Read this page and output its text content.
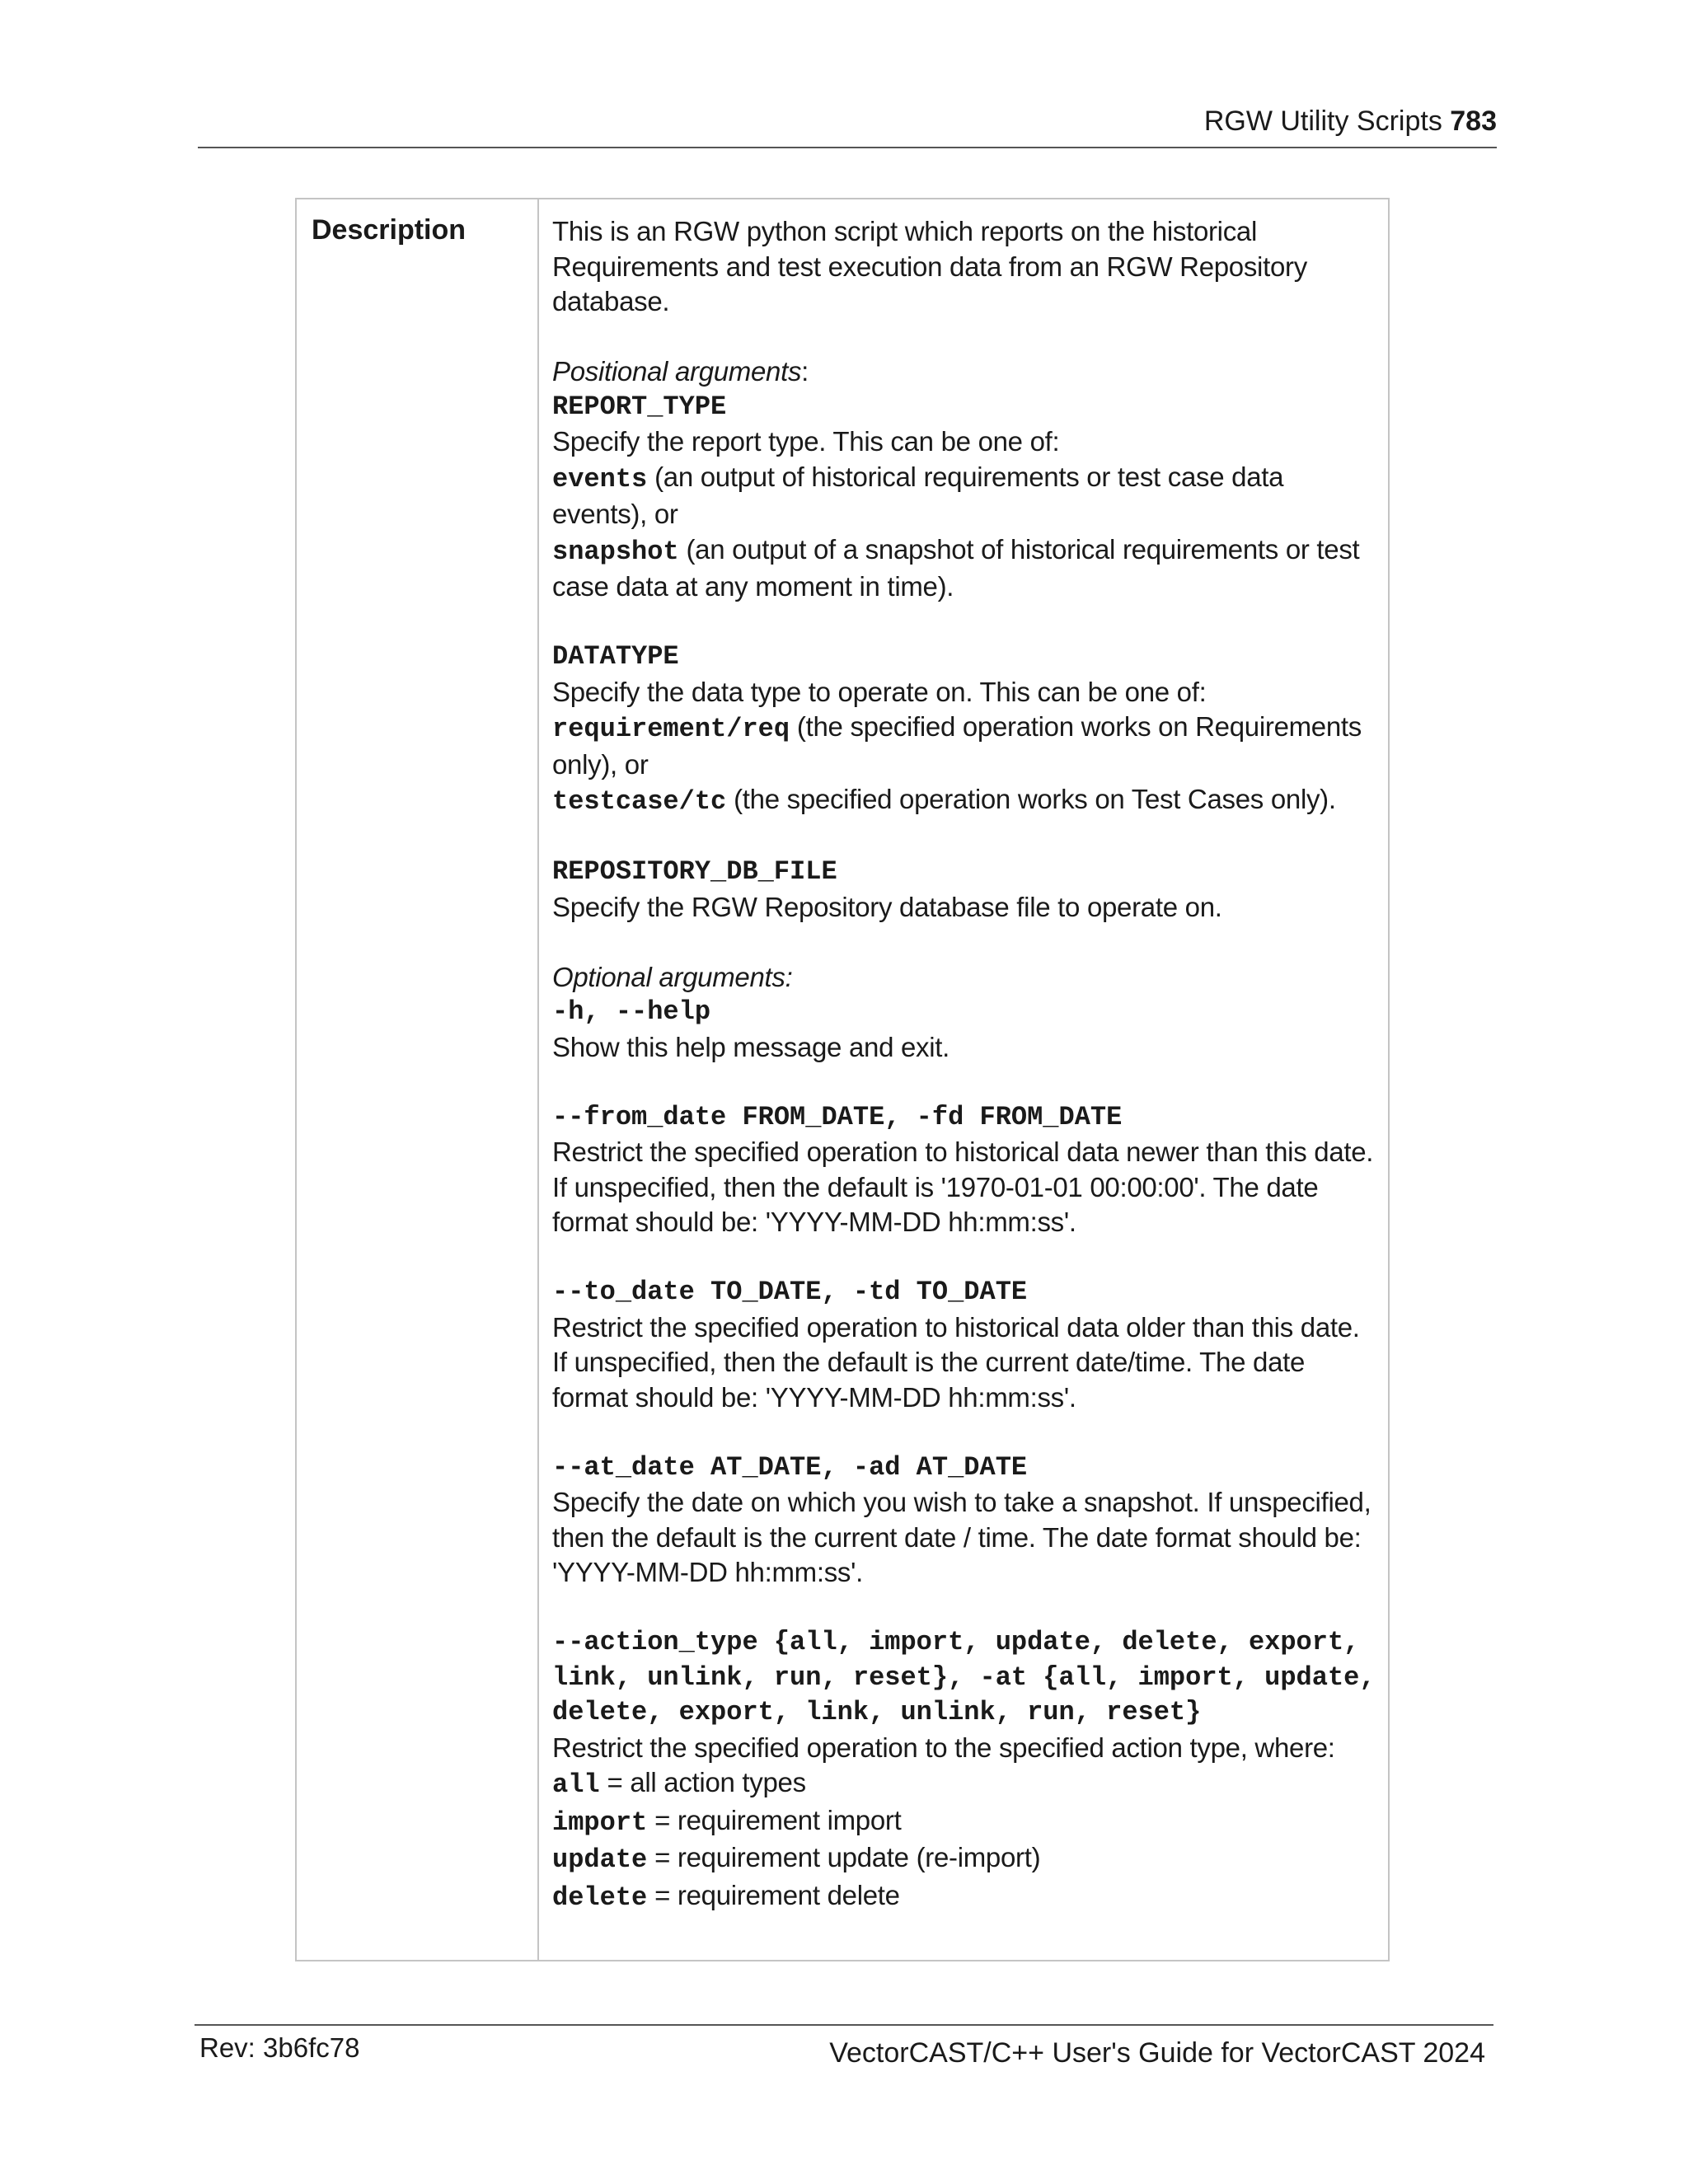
RGW Utility Scripts 783
Description	This is an RGW python script which reports on the historical Requirements and test execution data from an RGW Repository database.

Positional arguments:
REPORT_TYPE
Specify the report type. This can be one of:
events (an output of historical requirements or test case data events), or
snapshot (an output of a snapshot of historical requirements or test case data at any moment in time).

DATATYPE
Specify the data type to operate on. This can be one of:
requirement/req (the specified operation works on Requirements only), or
testcase/tc (the specified operation works on Test Cases only).

REPOSITORY_DB_FILE
Specify the RGW Repository database file to operate on.

Optional arguments:
-h, --help
Show this help message and exit.

--from_date FROM_DATE, -fd FROM_DATE
Restrict the specified operation to historical data newer than this date. If unspecified, then the default is '1970-01-01 00:00:00'. The date format should be: 'YYYY-MM-DD hh:mm:ss'.

--to_date TO_DATE, -td TO_DATE
Restrict the specified operation to historical data older than this date. If unspecified, then the default is the current date/time. The date format should be: 'YYYY-MM-DD hh:mm:ss'.

--at_date AT_DATE, -ad AT_DATE
Specify the date on which you wish to take a snapshot. If unspecified, then the default is the current date / time. The date format should be: 'YYYY-MM-DD hh:mm:ss'.

--action_type {all, import, update, delete, export, link, unlink, run, reset}, -at {all, import, update, delete, export, link, unlink, run, reset}
Restrict the specified operation to the specified action type, where:
all = all action types
import = requirement import
update = requirement update (re-import)
delete = requirement delete

Rev: 3b6fc78	VectorCAST/C++ User's Guide for VectorCAST 2024
